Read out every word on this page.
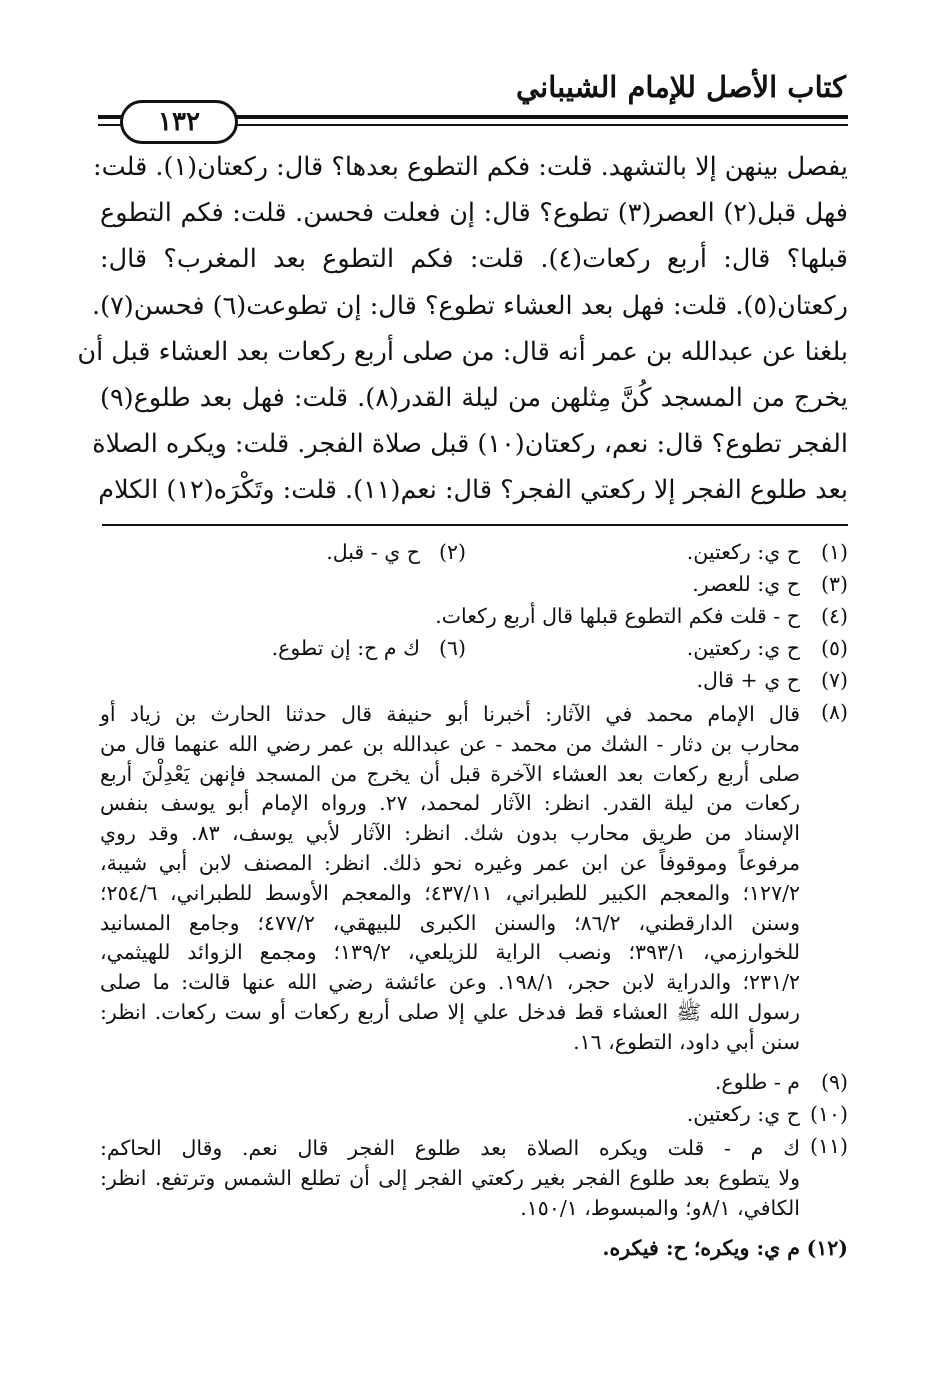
كتاب الأصل للإمام الشيباني
١٣٢
يفصل بينهن إلا بالتشهد. قلت: فكم التطوع بعدها؟ قال: ركعتان(١). قلت:
فهل قبل(٢) العصر(٣) تطوع؟ قال: إن فعلت فحسن. قلت: فكم التطوع
قبلها؟ قال: أربع ركعات(٤). قلت: فكم التطوع بعد المغرب؟ قال:
ركعتان(٥). قلت: فهل بعد العشاء تطوع؟ قال: إن تطوعت(٦) فحسن(٧).
بلغنا عن عبدالله بن عمر أنه قال: من صلى أربع ركعات بعد العشاء قبل أن
يخرج من المسجد كُنَّ مِثلهن من ليلة القدر(٨). قلت: فهل بعد طلوع(٩)
الفجر تطوع؟ قال: نعم، ركعتان(١٠) قبل صلاة الفجر. قلت: ويكره الصلاة
بعد طلوع الفجر إلا ركعتي الفجر؟ قال: نعم(١١). قلت: وتَكْرَه(١٢) الكلام
(١)
ح ي: ركعتين.
(٢)
ح ي - قبل.
(٣)
ح ي: للعصر.
(٤)
ح - قلت فكم التطوع قبلها قال أربع ركعات.
(٥)
ح ي: ركعتين.
(٦)
ك م ح: إن تطوع.
(٧)
ح ي + قال.
(٨)
قال الإمام محمد في الآثار: أخبرنا أبو حنيفة قال حدثنا الحارث بن زياد أو
محارب بن دثار - الشك من محمد - عن عبدالله بن عمر رضي الله عنهما قال من
صلى أربع ركعات بعد العشاء الآخرة قبل أن يخرج من المسجد فإنهن يَعْدِلْنَ أربع
ركعات من ليلة القدر. انظر: الآثار لمحمد، ٢٧. ورواه الإمام أبو يوسف بنفس
الإسناد من طريق محارب بدون شك. انظر: الآثار لأبي يوسف، ٨٣. وقد روي
مرفوعاً وموقوفاً عن ابن عمر وغيره نحو ذلك. انظر: المصنف لابن أبي شيبة،
١٢٧/٢؛ والمعجم الكبير للطبراني، ٤٣٧/١١؛ والمعجم الأوسط للطبراني، ٢٥٤/٦؛
وسنن الدارقطني، ٨٦/٢؛ والسنن الكبرى للبيهقي، ٤٧٧/٢؛ وجامع المسانيد
للخوارزمي، ٣٩٣/١؛ ونصب الراية للزيلعي، ١٣٩/٢؛ ومجمع الزوائد للهيثمي،
٢٣١/٢؛ والدراية لابن حجر، ١٩٨/١. وعن عائشة رضي الله عنها قالت: ما صلى
رسول الله ﷺ العشاء قط فدخل علي إلا صلى أربع ركعات أو ست ركعات. انظر:
سنن أبي داود، التطوع، ١٦.
(٩)
م - طلوع.
(١٠)
ح ي: ركعتين.
(١١)
ك م - قلت ويكره الصلاة بعد طلوع الفجر قال نعم. وقال الحاكم:
ولا يتطوع بعد طلوع الفجر بغير ركعتي الفجر إلى أن تطلع الشمس وترتفع. انظر:
الكافي، ٨/١و؛ والمبسوط، ١٥٠/١.
(١٢)
م ي: ويكره؛ ح: فيكره.
